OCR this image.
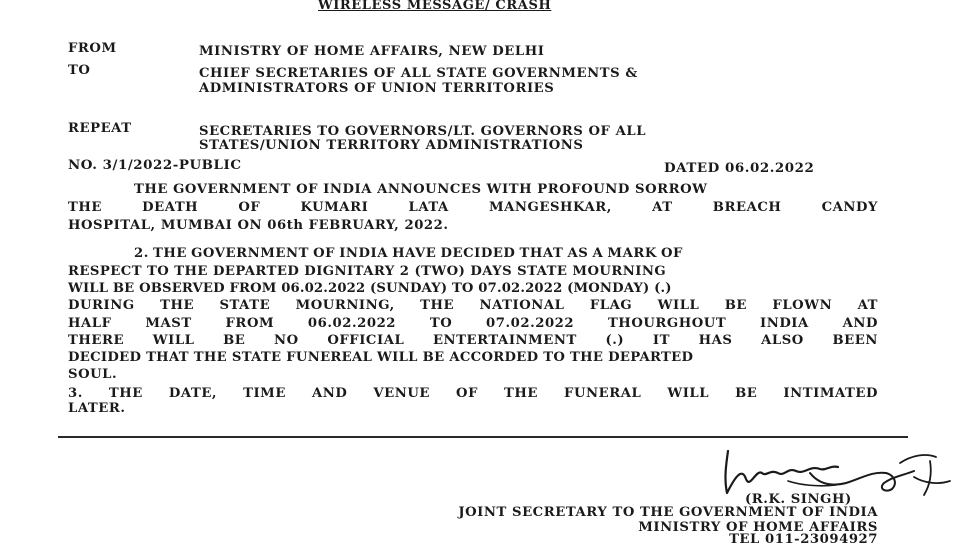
WIRELESS MESSAGE/ CRASH
FROM	MINISTRY OF HOME AFFAIRS, NEW DELHI
TO	CHIEF SECRETARIES OF ALL STATE GOVERNMENTS &
ADMINISTRATORS OF UNION TERRITORIES
REPEAT	SECRETARIES TO GOVERNORS/LT. GOVERNORS OF ALL
STATES/UNION TERRITORY ADMINISTRATIONS
NO. 3/1/2022-PUBLIC	DATED 06.02.2022
THE GOVERNMENT OF INDIA ANNOUNCES WITH PROFOUND SORROW
THE DEATH OF KUMARI LATA MANGESHKAR, AT BREACH CANDY
HOSPITAL, MUMBAI ON 06th FEBRUARY, 2022.
2. THE GOVERNMENT OF INDIA HAVE DECIDED THAT AS A MARK OF
RESPECT TO THE DEPARTED DIGNITARY 2 (TWO) DAYS STATE MOURNING
WILL BE OBSERVED FROM 06.02.2022 (SUNDAY) TO 07.02.2022 (MONDAY) (.)
DURING THE STATE MOURNING, THE NATIONAL FLAG WILL BE FLOWN AT
HALF MAST FROM 06.02.2022 TO 07.02.2022 THOURGHOUT INDIA AND
THERE WILL BE NO OFFICIAL ENTERTAINMENT (.) IT HAS ALSO BEEN
DECIDED THAT THE STATE FUNEREAL WILL BE ACCORDED TO THE DEPARTED
SOUL.
3. THE DATE, TIME AND VENUE OF THE FUNERAL WILL BE INTIMATED
LATER.
(R.K. SINGH)
JOINT SECRETARY TO THE GOVERNMENT OF INDIA
MINISTRY OF HOME AFFAIRS
TEL 011-23094927
